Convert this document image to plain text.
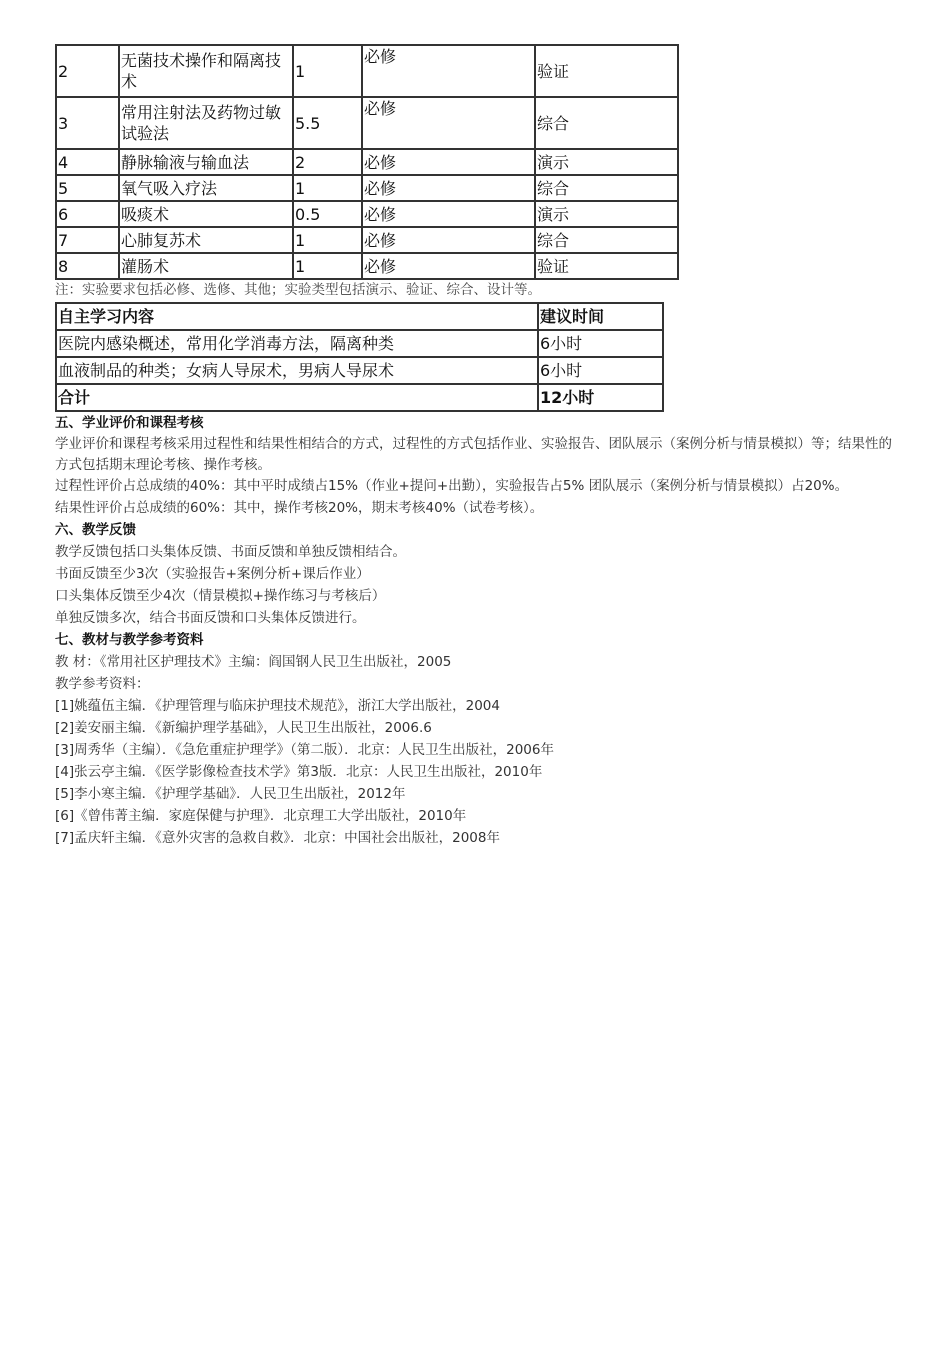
2	无菌技术操作和隔离技术	1	必修	验证
3	常用注射法及药物过敏试验法	5.5	必修	综合
4	静脉输液与输血法	2	必修	演示
5	氧气吸入疗法	1	必修	综合
6	吸痰术	0.5	必修	演示
7	心肺复苏术	1	必修	综合
8	灌肠术	1	必修	验证
注：实验要求包括必修、选修、其他；实验类型包括演示、验证、综合、设计等。
自主学习内容	建议时间
医院内感染概述，常用化学消毒方法，隔离种类	6小时
血液制品的种类；女病人导尿术，男病人导尿术	6小时
合计	12小时

五、学业评价和课程考核

学业评价和课程考核采用过程性和结果性相结合的方式，过程性的方式包括作业、实验报告、团队展示（案例分析与情景模拟）等；结果性的方式包括期末理论考核、操作考核。

过程性评价占总成绩的40%：其中平时成绩占15%（作业+提问+出勤），实验报告占5% 团队展示（案例分析与情景模拟）占20%。

结果性评价占总成绩的60%：其中，操作考核20%，期末考核40%（试卷考核）。

六、教学反馈

教学反馈包括口头集体反馈、书面反馈和单独反馈相结合。

书面反馈至少3次（实验报告+案例分析+课后作业）

口头集体反馈至少4次（情景模拟+操作练习与考核后）

单独反馈多次，结合书面反馈和口头集体反馈进行。

七、教材与教学参考资料

教 材：《常用社区护理技术》主编：阎国钢人民卫生出版社，2005

教学参考资料：

[1]姚蕴伍主编．《护理管理与临床护理技术规范》，浙江大学出版社，2004

[2]姜安丽主编．《新编护理学基础》，人民卫生出版社，2006.6

[3]周秀华（主编）．《急危重症护理学》（第二版）．北京：人民卫生出版社，2006年

[4]张云亭主编．《医学影像检查技术学》第3版．北京：人民卫生出版社，2010年

[5]李小寒主编．《护理学基础》．人民卫生出版社，2012年

[6]《曾伟菁主编．家庭保健与护理》．北京理工大学出版社，2010年

[7]孟庆轩主编．《意外灾害的急救自救》．北京：中国社会出版社，2008年
